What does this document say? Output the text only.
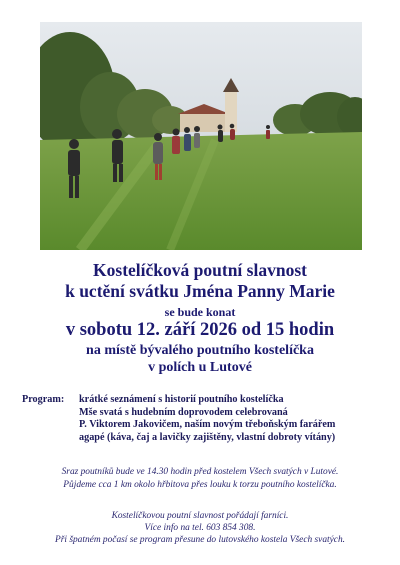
Kostelíčková poutní slavnost
k uctění svátku Jména Panny Marie
se bude konat
v sobotu 12. září 2026 od 15 hodin
na místě bývalého poutního kostelíčka
v polích u Lutové
Program: krátké seznámení s historií poutního kostelíčka
Mše svatá s hudebním doprovodem celebrovaná
P. Viktorem Jakovičem, naším novým třeboňským farářem
agapé (káva, čaj a lavičky zajištěny, vlastní dobroty vítány)
Sraz poutníků bude ve 14.30 hodin před kostelem Všech svatých v Lutové.
Půjdeme cca 1 km okolo hřbitova přes louku k torzu poutního kostelíčka.
Kostelíčkovou poutní slavnost pořádají farníci.
Více info na tel. 603 854 308.
Při špatném počasí se program přesune do lutovského kostela Všech svatých.
